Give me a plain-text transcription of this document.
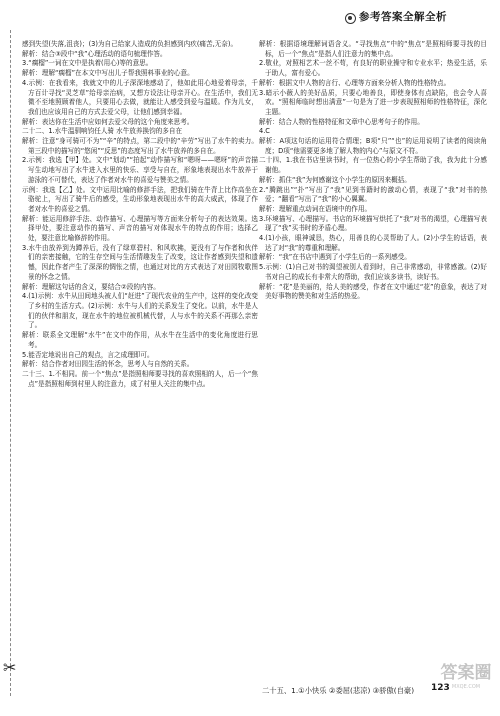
参考答案全解全析
✂

感到失望(失落,沮丧)；(3)为自己给家人造成的负担感到内疚(痛苦,无奈)。

解析：结合③段中“我”心理活动的语句梳理作答。

3.“瘸榴”一词在文中是执着(用心)等的意思。

解析：理解“瘸榴”在本文中写出儿子帮我照料事业的心意。

4.示例：在我看来，我就文中的儿子深深地感动了，他如此用心地爱着母亲，千方百计寻找“灵芝草”给母亲治病，又想方设法让母亲开心。在生活中，我们无微不至地照顾着他人，只要用心去做，就能让人感受到爱与温暖。作为儿女，我们也应该用自己的方式去爱父母，让他们感到幸福。

解析：表达你在生活中应如何去爱父母的这个角度来思考。

二十二、1.水牛温驯响钧任人骑 水牛放养换钧的多自在

解析：注意“身可骑可不为”“辛”的特点，第二段中的“辛劳”写出了水牛的卖力。第三段中的描写的“悠闲”“反思”的态度写出了水牛放养的多自在。

2.示例：我选【甲】处。文中“划动”“拍起”动作描写和“嗯呀——嗯呀”的声音描写生动地写出了水牛进入水里的快乐、享受与自在，形象地表现出水牛放养于游泳的不可替代，表达了作者对水牛的喜爱与赞美之情。

示例：我选【乙】处。文中运用比喻的修辞手法，把我们骑在牛背上比作高坐在骆驼上，写出了骑牛后的感受，生动形象地表现出水牛的高大威武，体现了作者对水牛的喜爱之情。

解析：能运用修辞手法、动作描写、心理描写等方面来分析句子的表达效果。选择甲处，要注意动作的描写、声音的描写对体现水牛的特点的作用；选择乙处，要注意比喻修辞的作用。

3.水牛由放养到为蹲养后，没有了绿草碧村、和风吹拂，更没有了与作者和伙伴们的亲密接触，它的生存空间与生活情趣发生了改变，这让作者感到失望和遗憾，因此作者产生了深深的惆怅之情，也通过对比的方式表达了对田园牧歌图景的怀念之情。

解析：理解这句话的含义，要结合②段的内容。

4.(1)示例：水牛从田间地头被人们“赶进”了现代农业的生产中，这样的变化改变了乡村的生活方式。(2)示例：水牛与人们的关系发生了变化。以前，水牛是人们的伙伴和朋友，现在水牛的地位被机械代替，人与水牛的关系不再那么亲密了。

解析：联系全文理解“水牛”在文中的作用，从水牛在生活中的变化角度进行思考。

5.能否定地说出自己的观点，言之成理即可。

解析：结合作者对田园生活的怀念，思考人与自然的关系。

二十三、1.不相同。前一个“焦点”是指照相师要寻找的喜欢照相的人，后一个“焦点”是指照相师到村里人的注意力，成了村里人关注的集中点。

解析：根据语境理解词语含义。“寻找焦点”中的“焦点”是照相师要寻找的目标，后一个“焦点”是指人们注意力的集中点。

2.敬业，对照相艺术一丝不苟，有良好的职业操守和专业水平；热爱生活，乐于助人，富有爱心。

解析：根据文中人物的言行、心理等方面来分析人物的性格特点。

3.暗示小薇人的美好品质，只要心地善良，即使身体有点缺陷，也会令人喜欢。“照相师临时想出满意”一句是为了进一步表现照相师的性格特征，深化主题。

解析：结合人物的性格特征和文章中心思考句子的作用。

4.C

解析：A项这句话的运用符合情理；B项“只”“也”的运用说明了读者的阅读角度；D项“他需要更多地了解人物的内心”与原文不符。

二十四、1.我在书店里读书时，有一位热心的小学生帮助了我，我为此十分感谢他。

解析：抓住“我”为何感谢这个小学生的原因来概括。

2.“腾跳出”“扑”写出了“我”见到书籍时的激动心情，表现了“我”对书的热爱；“翻看”写出了“我”的小心翼翼。

解析：理解重点动词在语境中的作用。

3.环境描写、心理描写。书店的环境描写烘托了“我”对书的渴望，心理描写表现了“我”买书时的矛盾心理。

4.(1)小孩，眼神诚恳，热心，用善良的心灵帮助了人。(2)小学生的话语，表达了对“我”的尊重和理解。

解析：“我”在书店中遇到了小学生后的一系列感受。

5.示例：(1)自己对书的渴望被别人看到时，自己非常感动，非常感激。(2)好书对自己的成长有非常大的帮助，我们应该多读书，读好书。

解析：“花”是美丽的，给人美的感受，作者在文中通过“花”的意象，表达了对美好事物的赞美和对生活的热爱。

二十五、1.①小快乐 ②委屈(悲凉) ③骄傲(自豪) 123
答案圈
MXQE.COM
